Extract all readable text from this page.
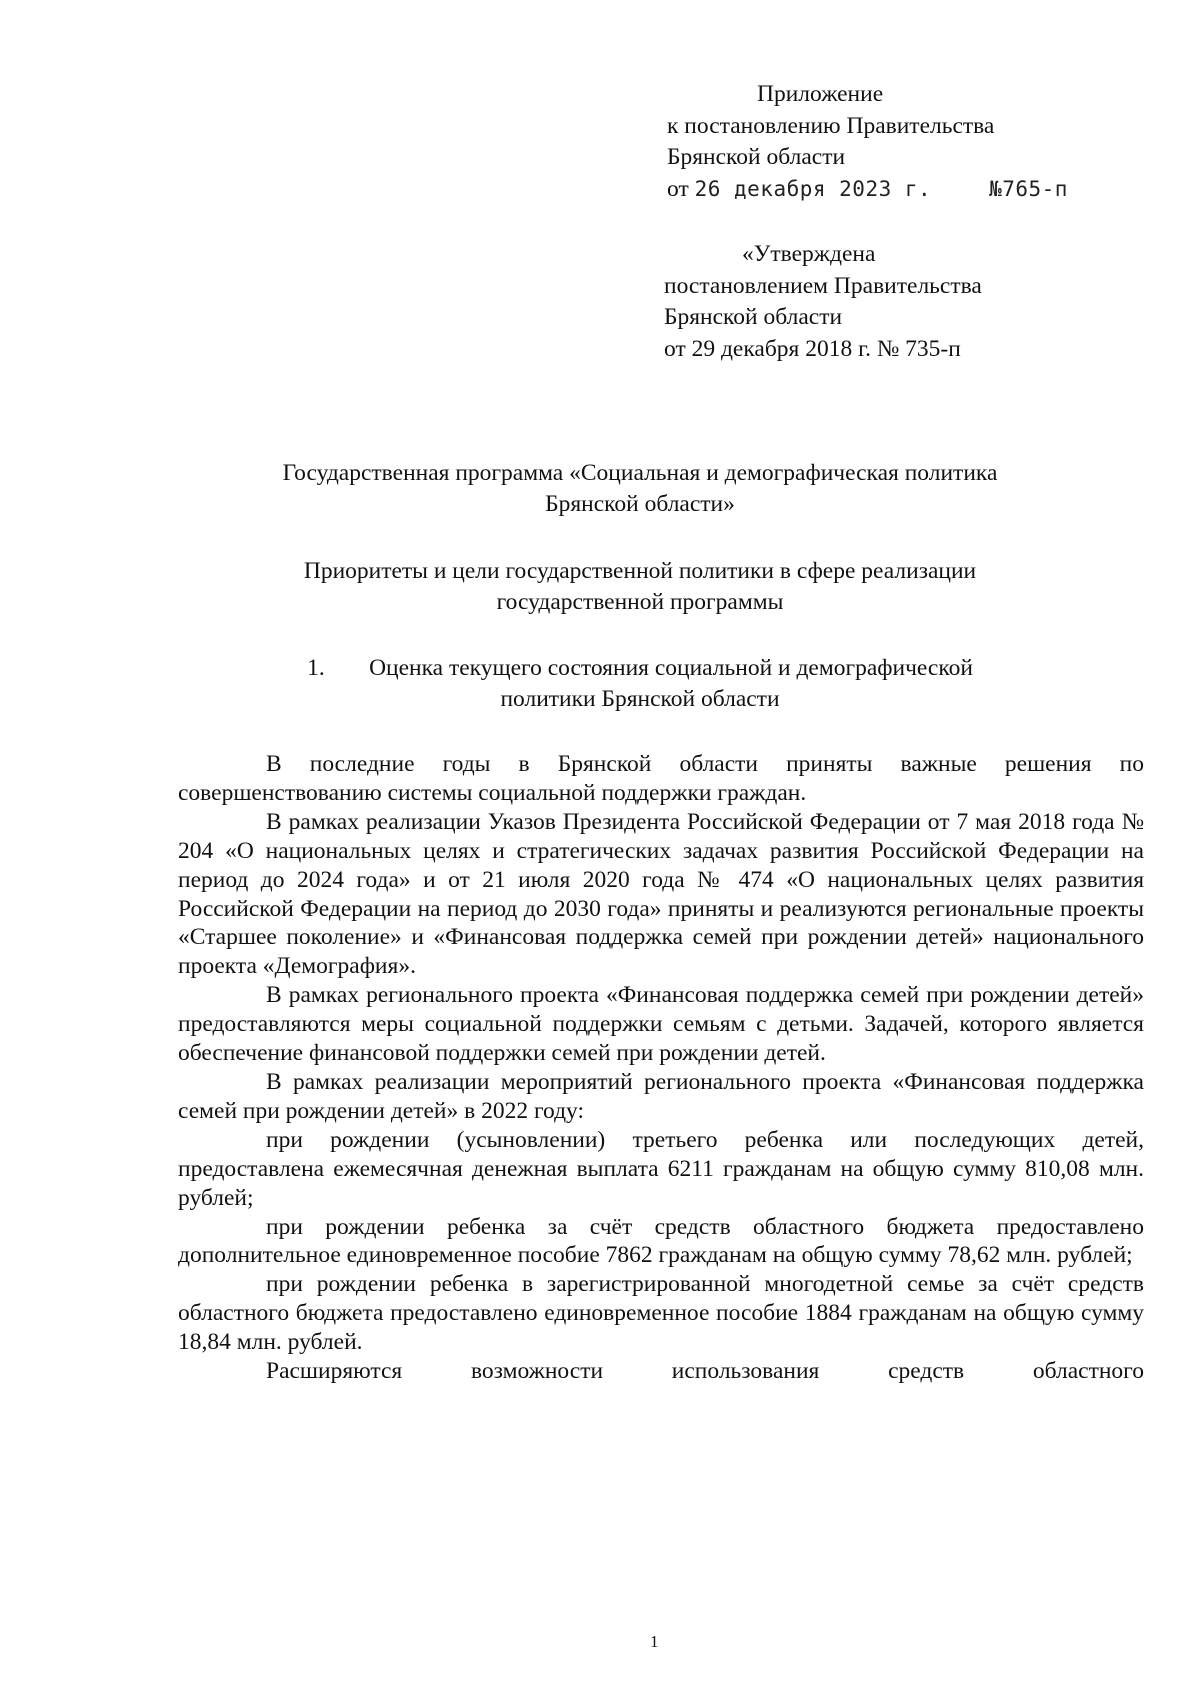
Приложение
к постановлению Правительства
Брянской области
от 26 декабря 2023 г.	№765-п
«Утверждена
постановлением Правительства
Брянской области
от 29 декабря 2018 г. № 735-п
Государственная программа «Социальная и демографическая политика
Брянской области»
Приоритеты и цели государственной политики в сфере реализации
государственной программы
1. Оценка текущего состояния социальной и демографической
политики Брянской области

В последние годы в Брянской области приняты важные решения по совершенствованию системы социальной поддержки граждан.

В рамках реализации Указов Президента Российской Федерации от 7 мая 2018 года № 204 «О национальных целях и стратегических задачах развития Российской Федерации на период до 2024 года» и от 21 июля 2020 года № 474 «О национальных целях развития Российской Федерации на период до 2030 года» приняты и реализуются региональные проекты «Старшее поколение» и «Финансовая поддержка семей при рождении детей» национального проекта «Демография».

В рамках регионального проекта «Финансовая поддержка семей при рождении детей» предоставляются меры социальной поддержки семьям с детьми. Задачей, которого является обеспечение финансовой поддержки семей при рождении детей.

В рамках реализации мероприятий регионального проекта «Финансовая поддержка семей при рождении детей» в 2022 году:

при рождении (усыновлении) третьего ребенка или последующих детей, предоставлена ежемесячная денежная выплата 6211 гражданам на общую сумму 810,08 млн. рублей;

при рождении ребенка за счёт средств областного бюджета предоставлено дополнительное единовременное пособие 7862 гражданам на общую сумму 78,62 млн. рублей;

при рождении ребенка в зарегистрированной многодетной семье за счёт средств областного бюджета предоставлено единовременное пособие 1884 гражданам на общую сумму 18,84 млн. рублей.

Расширяются возможности использования средств областного

1
